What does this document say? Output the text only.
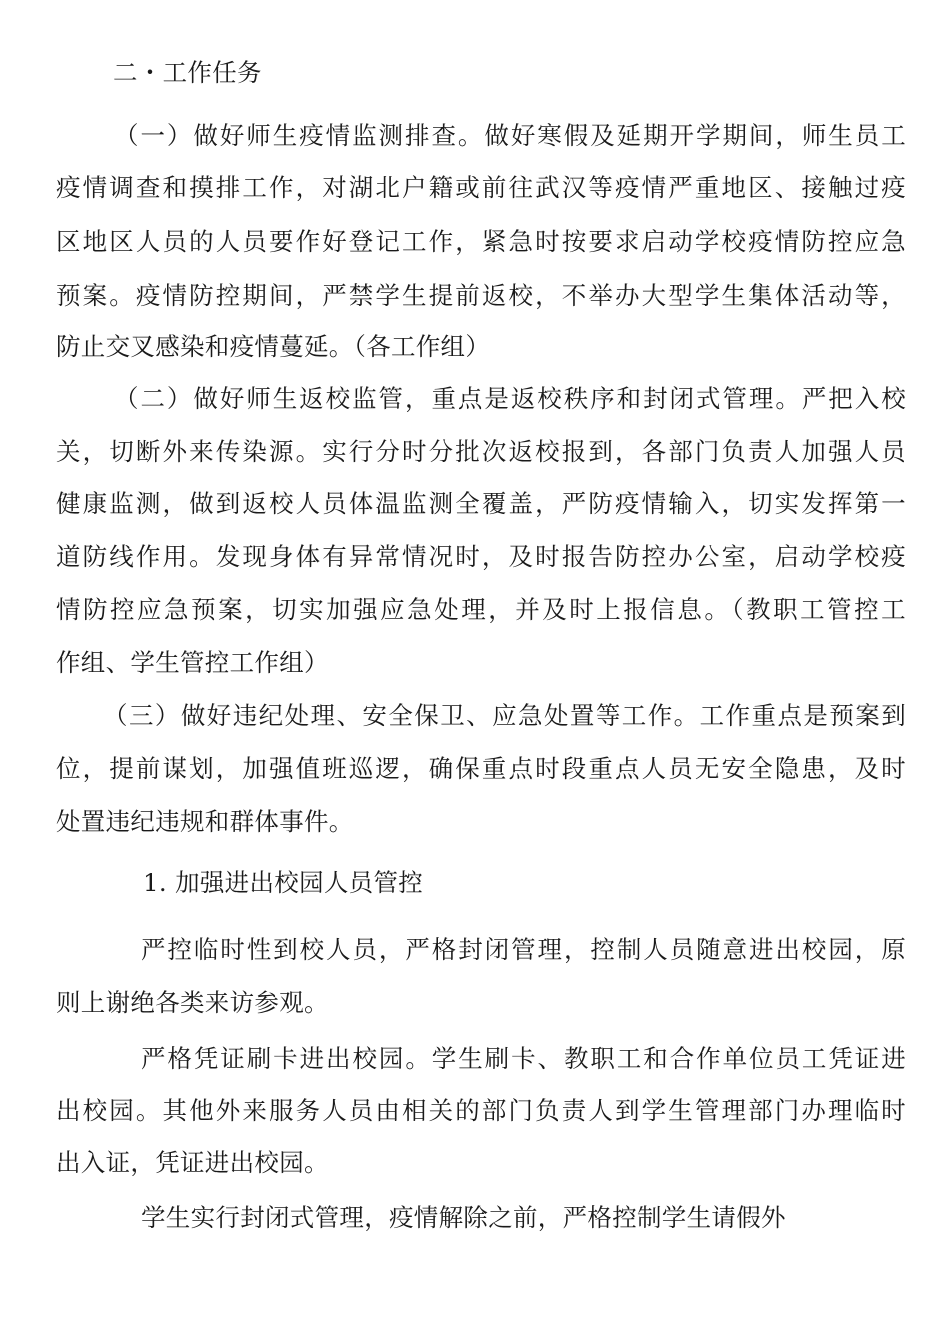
二・工作任务
（一）做好师生疫情监测排查。做好寒假及延期开学期间，师生员工
疫情调查和摸排工作，对湖北户籍或前往武汉等疫情严重地区、接触过疫
区地区人员的人员要作好登记工作，紧急时按要求启动学校疫情防控应急
预案。疫情防控期间，严禁学生提前返校，不举办大型学生集体活动等，
防止交叉感染和疫情蔓延。（各工作组）
（二）做好师生返校监管，重点是返校秩序和封闭式管理。严把入校
关，切断外来传染源。实行分时分批次返校报到，各部门负责人加强人员
健康监测，做到返校人员体温监测全覆盖，严防疫情输入，切实发挥第一
道防线作用。发现身体有异常情况时，及时报告防控办公室，启动学校疫
情防控应急预案，切实加强应急处理，并及时上报信息。（教职工管控工
作组、学生管控工作组）
（三）做好违纪处理、安全保卫、应急处置等工作。工作重点是预案到
位，提前谋划，加强值班巡逻，确保重点时段重点人员无安全隐患，及时
处置违纪违规和群体事件。
1. 加强进出校园人员管控
严控临时性到校人员，严格封闭管理，控制人员随意进出校园，原
则上谢绝各类来访参观。
严格凭证刷卡进出校园。学生刷卡、教职工和合作单位员工凭证进
出校园。其他外来服务人员由相关的部门负责人到学生管理部门办理临时
出入证，凭证进出校园。
学生实行封闭式管理，疫情解除之前，严格控制学生请假外
